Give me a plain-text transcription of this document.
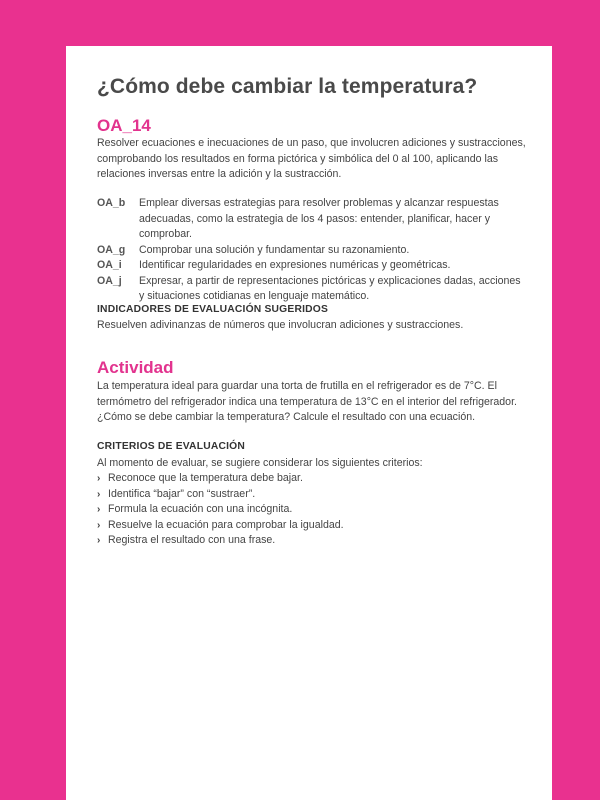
¿Cómo debe cambiar la temperatura?
OA_14
Resolver ecuaciones e inecuaciones de un paso, que involucren adiciones y sustracciones, comprobando los resultados en forma pictórica y simbólica del 0 al 100, aplicando las relaciones inversas entre la adición y la sustracción.
OA_b	Emplear diversas estrategias para resolver problemas y alcanzar respuestas adecuadas, como la estrategia de los 4 pasos: entender, planificar, hacer y comprobar.
OA_g	Comprobar una solución y fundamentar su razonamiento.
OA_i	Identificar regularidades en expresiones numéricas y geométricas.
OA_j	Expresar, a partir de representaciones pictóricas y explicaciones dadas, acciones y situaciones cotidianas en lenguaje matemático.
INDICADORES DE EVALUACIÓN SUGERIDOS
Resuelven adivinanzas de números que involucran adiciones y sustracciones.
Actividad
La temperatura ideal para guardar una torta de frutilla en el refrigerador es de 7°C. El termómetro del refrigerador indica una temperatura de 13°C en el interior del refrigerador. ¿Cómo se debe cambiar la temperatura? Calcule el resultado con una ecuación.
CRITERIOS DE EVALUACIÓN
Al momento de evaluar, se sugiere considerar los siguientes criterios:
› Reconoce que la temperatura debe bajar.
› Identifica “bajar” con “sustraer”.
› Formula la ecuación con una incógnita.
› Resuelve la ecuación para comprobar la igualdad.
› Registra el resultado con una frase.
